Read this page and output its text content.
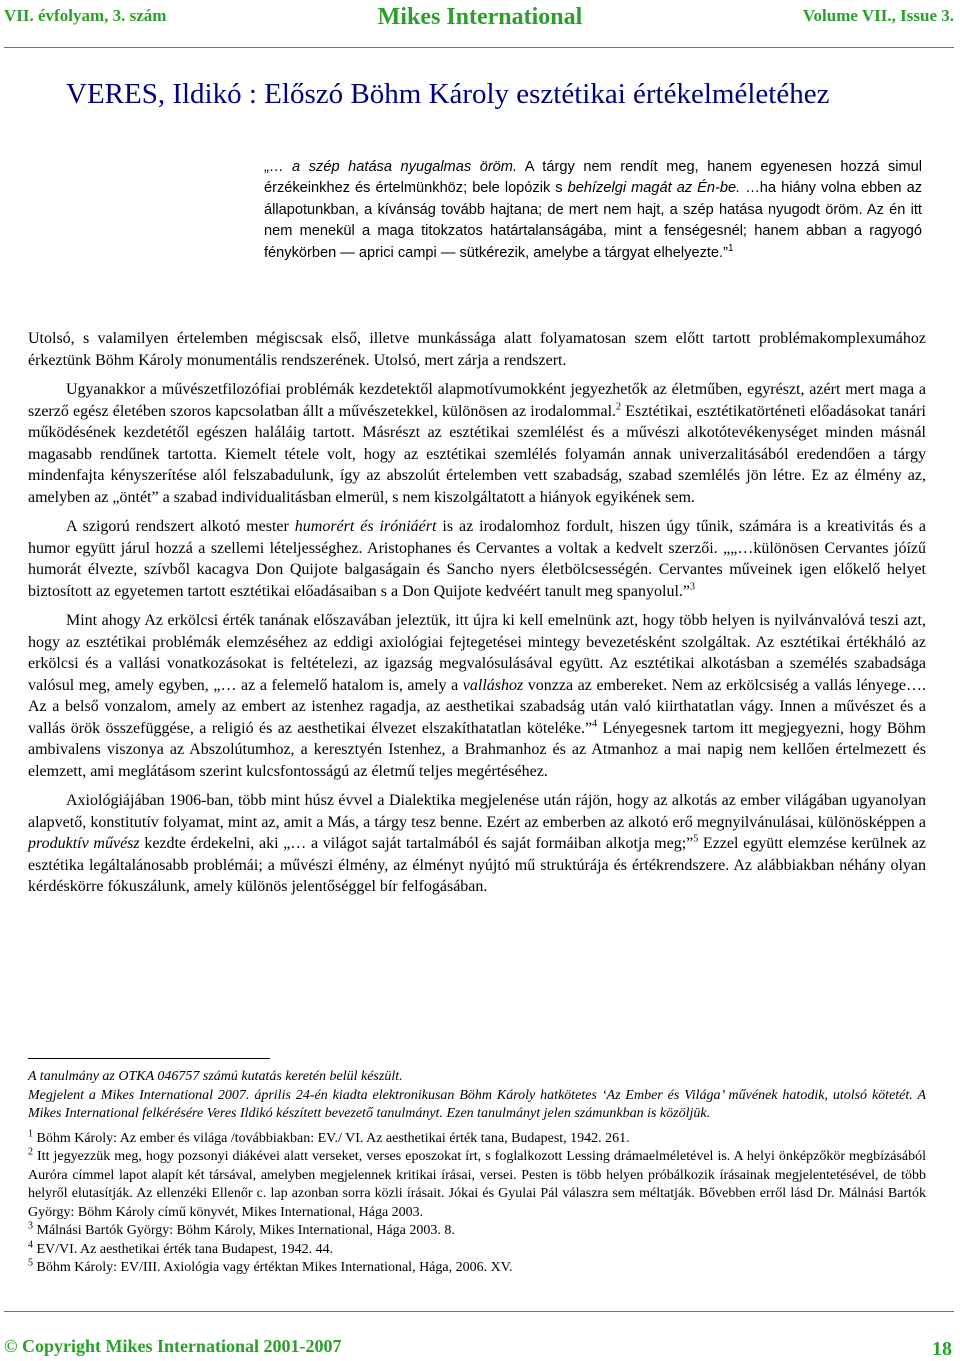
VII. évfolyam, 3. szám	Mikes International	Volume VII., Issue 3.
VERES, Ildikó : Előszó Böhm Károly esztétikai értékelméletéhez

„… a szép hatása nyugalmas öröm. A tárgy nem rendít meg, hanem egyenesen hozzá simul érzékeinkhez és értelmünkhöz; bele lopózik s behízelgi magát az Én-be. …ha hiány volna ebben az állapotunkban, a kívánság tovább hajtana; de mert nem hajt, a szép hatása nyugodt öröm. Az én itt nem menekül a maga titokzatos határtalanságába, mint a fenségesnél; hanem abban a ragyogó fénykörben — aprici campi — sütkérezik, amelybe a tárgyat elhelyezte.”$^1$

Utolsó, s valamilyen értelemben mégiscsak első, illetve munkássága alatt folyamatosan szem előtt tartott problémakomplexumához érkeztünk Böhm Károly monumentális rendszerének. Utolsó, mert zárja a rendszert.

Ugyanakkor a művészetfilozófiai problémák kezdetektől alapmotívumokként jegyezhetők az életműben, egyrészt, azért mert maga a szerző egész életében szoros kapcsolatban állt a művészetekkel, különösen az irodalommal.$^2$ Esztétikai, esztétikatörténeti előadásokat tanári működésének kezdetétől egészen haláláig tartott. Másrészt az esztétikai szemlélést és a művészi alkotótevékenységet minden másnál magasabb rendűnek tartotta. Kiemelt tétele volt, hogy az esztétikai szemlélés folyamán annak univerzalitásából eredendően a tárgy mindenfajta kényszerítése alól felszabadulunk, így az abszolút értelemben vett szabadság, szabad szemlélés jön létre. Ez az élmény az, amelyben az „öntét” a szabad individualitásban elmerül, s nem kiszolgáltatott a hiányok egyikének sem.

A szigorú rendszert alkotó mester humorért és iróniáért is az irodalomhoz fordult, hiszen úgy tűnik, számára is a kreativitás és a humor együtt járul hozzá a szellemi lételjességhez. Aristophanes és Cervantes a voltak a kedvelt szerzői. „„…különösen Cervantes jóízű humorát élvezte, szívből kacagva Don Quijote balgaságain és Sancho nyers életbölcsességén. Cervantes műveinek igen előkelő helyet biztosított az egyetemen tartott esztétikai előadásaiban s a Don Quijote kedvéért tanult meg spanyolul.”$^3$

Mint ahogy Az erkölcsi érték tanának előszavában jeleztük, itt újra ki kell emelnünk azt, hogy több helyen is nyilvánvalóvá teszi azt, hogy az esztétikai problémák elemzéséhez az eddigi axiológiai fejtegetései mintegy bevezetésként szolgáltak. Az esztétikai értékháló az erkölcsi és a vallási vonatkozásokat is feltételezi, az igazság megvalósulásával együtt. Az esztétikai alkotásban a személés szabadsága valósul meg, amely egyben, „… az a felemelő hatalom is, amely a valláshoz vonzza az embereket. Nem az erkölcsiség a vallás lényege…. Az a belső vonzalom, amely az embert az istenhez ragadja, az aesthetikai szabadság után való kiirthatatlan vágy. Innen a művészet és a vallás örök összefüggése, a religió és az aesthetikai élvezet elszakíthatatlan köteléke.”$^4$ Lényegesnek tartom itt megjegyezni, hogy Böhm ambivalens viszonya az Abszolútumhoz, a keresztyén Istenhez, a Brahmanhoz és az Atmanhoz a mai napig nem kellően értelmezett és elemzett, ami meglátásom szerint kulcsfontosságú az életmű teljes megértéséhez.

Axiológiájában 1906-ban, több mint húsz évvel a Dialektika megjelenése után rájön, hogy az alkotás az ember világában ugyanolyan alapvető, konstitutív folyamat, mint az, amit a Más, a tárgy tesz benne. Ezért az emberben az alkotó erő megnyilvánulásai, különösképpen a produktív művész kezdte érdekelni, aki „… a világot saját tartalmából és saját formáiban alkotja meg;”$^5$ Ezzel együtt elemzése kerülnek az esztétika legáltalánosabb problémái; a művészi élmény, az élményt nyújtó mű struktúrája és értékrendszere. Az alábbiakban néhány olyan kérdéskörre fókuszálunk, amely különös jelentőséggel bír felfogásában.

A tanulmány az OTKA 046757 számú kutatás keretén belül készült.

Megjelent a Mikes International 2007. április 24-én kiadta elektronikusan Böhm Károly hatkötetes ‘Az Ember és Világa’ művének hatodik, utolsó kötetét. A Mikes International felkérésére Veres Ildikó készített bevezető tanulmányt. Ezen tanulmányt jelen számunkban is közöljük.

$^1$ Böhm Károly: Az ember és világa /továbbiakban: EV./ VI. Az aesthetikai érték tana, Budapest, 1942. 261.

$^2$ Itt jegyezzük meg, hogy pozsonyi diákévei alatt verseket, verses eposzokat írt, s foglalkozott Lessing drámaelméletével is. A helyi önképzőkör megbízásából Auróra címmel lapot alapít két társával, amelyben megjelennek kritikai írásai, versei. Pesten is több helyen próbálkozik írásainak megjelentetésével, de több helyről elutasítják. Az ellenzéki Ellenőr c. lap azonban sorra közli írásait. Jókai és Gyulai Pál válaszra sem méltatják. Bővebben erről lásd Dr. Málnási Bartók György: Böhm Károly című könyvét, Mikes International, Hága 2003.

$^3$ Málnási Bartók György: Böhm Károly, Mikes International, Hága 2003. 8.

$^4$ EV/VI. Az aesthetikai érték tana Budapest, 1942. 44.

$^5$ Böhm Károly: EV/III. Axiológia vagy értéktan Mikes International, Hága, 2006. XV.

© Copyright Mikes International 2001-2007	18
